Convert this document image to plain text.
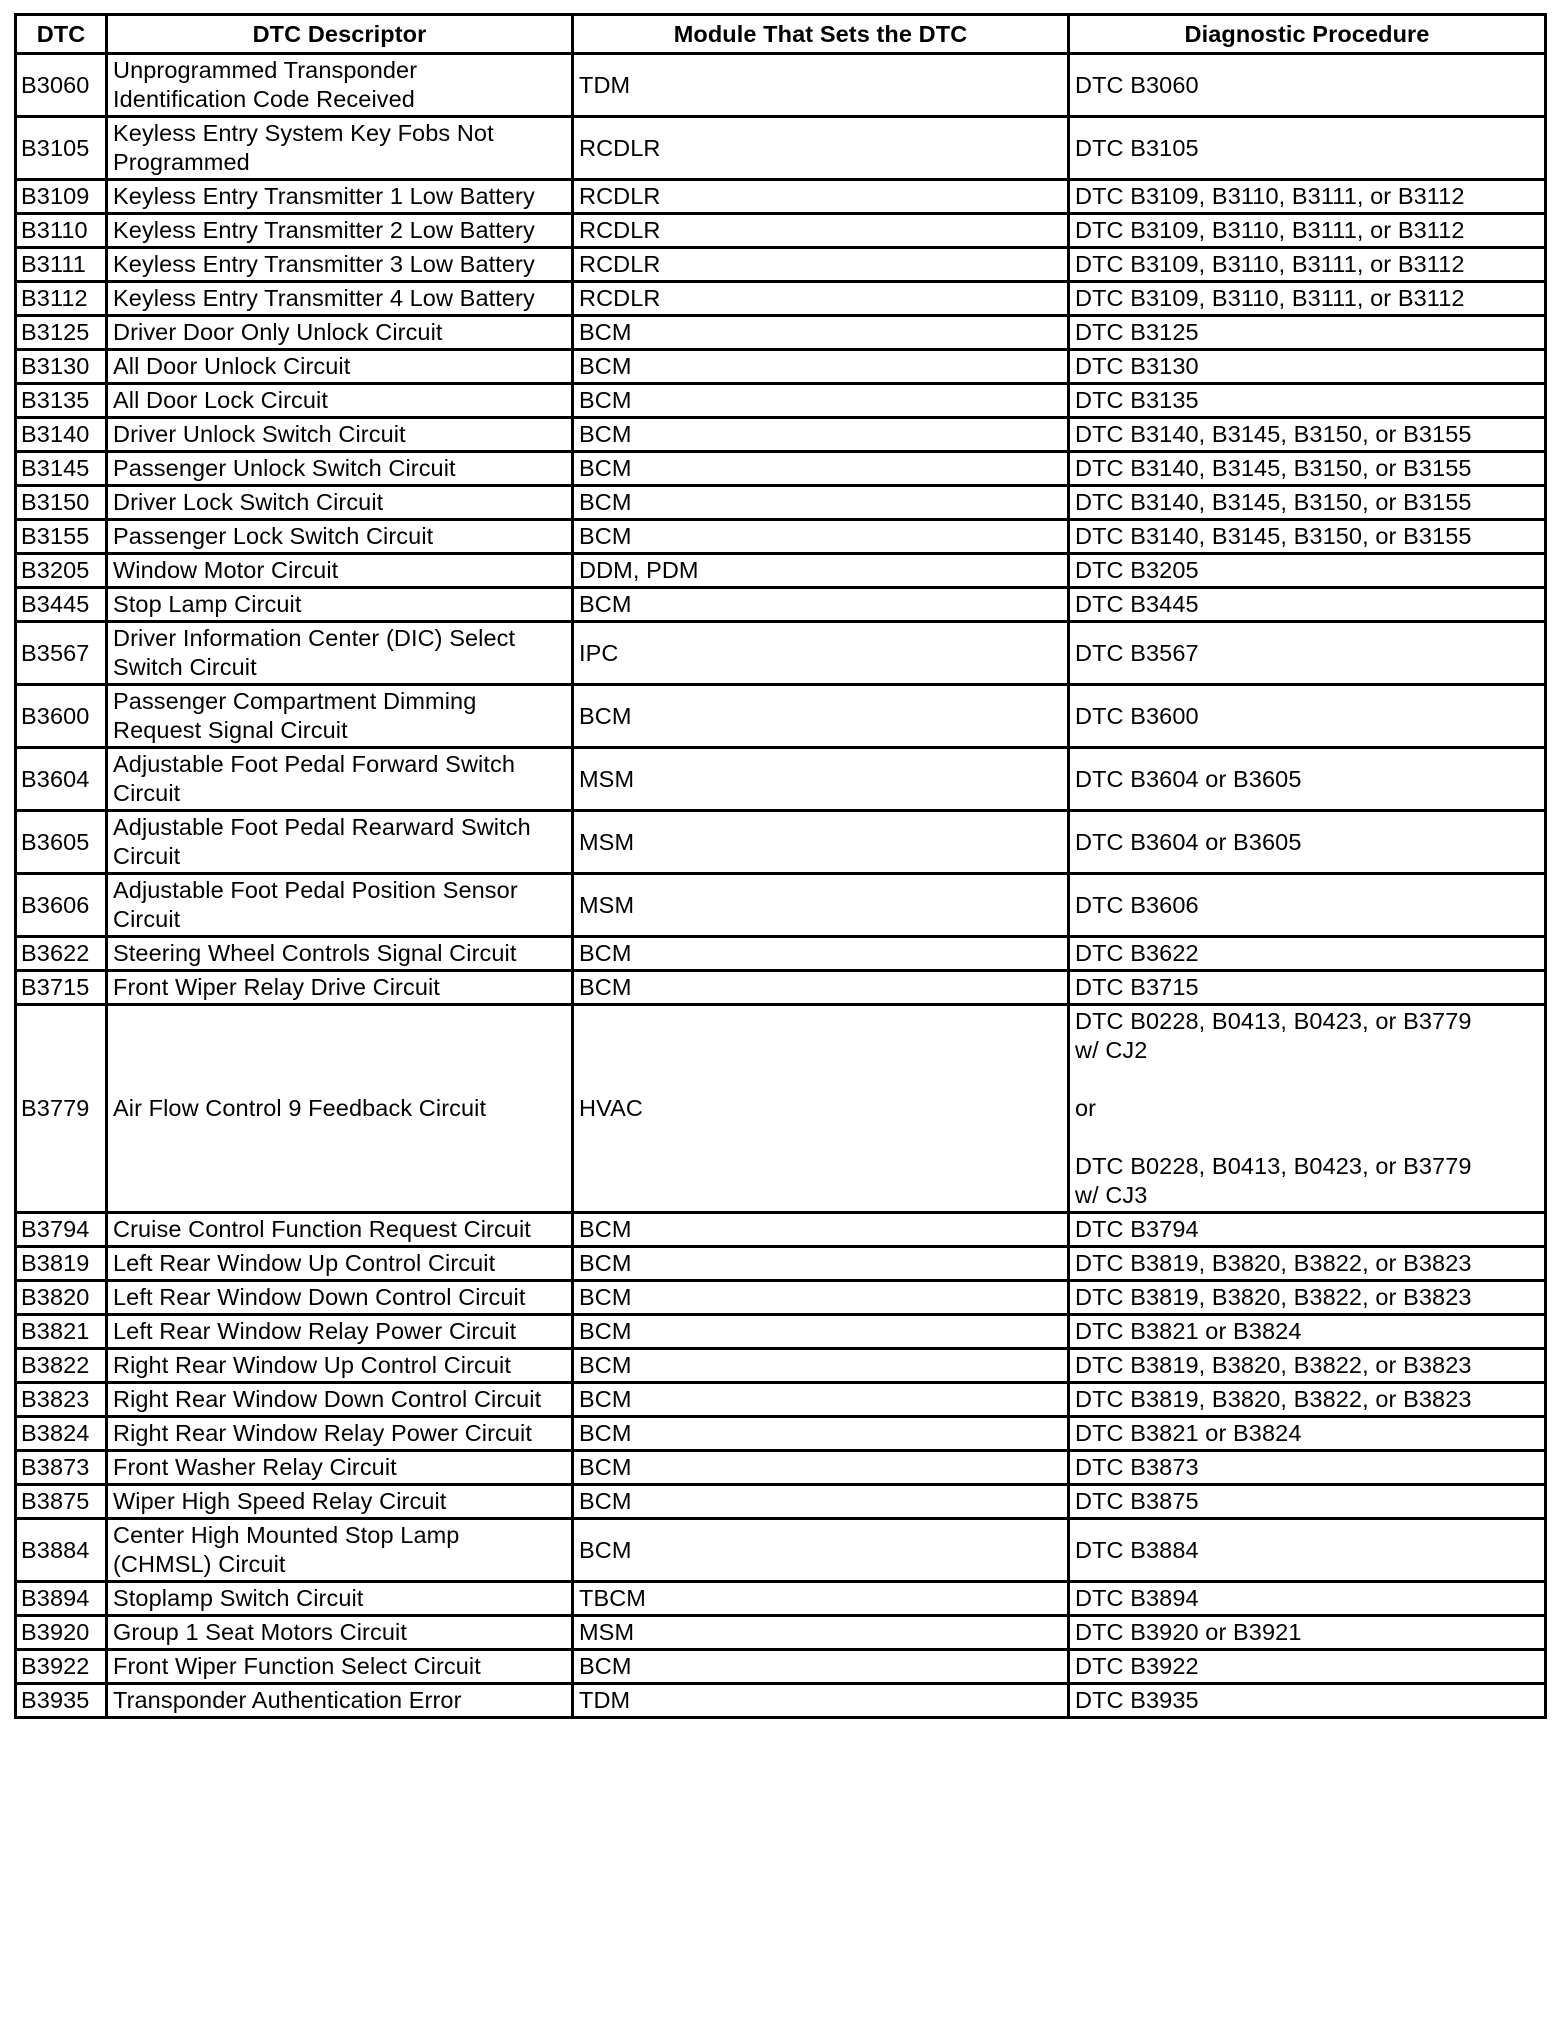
DTC	DTC Descriptor	Module That Sets the DTC	Diagnostic Procedure
B3060	Unprogrammed Transponder
Identification Code Received	TDM	DTC B3060
B3105	Keyless Entry System Key Fobs Not
Programmed	RCDLR	DTC B3105
B3109	Keyless Entry Transmitter 1 Low Battery	RCDLR	DTC B3109, B3110, B3111, or B3112
B3110	Keyless Entry Transmitter 2 Low Battery	RCDLR	DTC B3109, B3110, B3111, or B3112
B3111	Keyless Entry Transmitter 3 Low Battery	RCDLR	DTC B3109, B3110, B3111, or B3112
B3112	Keyless Entry Transmitter 4 Low Battery	RCDLR	DTC B3109, B3110, B3111, or B3112
B3125	Driver Door Only Unlock Circuit	BCM	DTC B3125
B3130	All Door Unlock Circuit	BCM	DTC B3130
B3135	All Door Lock Circuit	BCM	DTC B3135
B3140	Driver Unlock Switch Circuit	BCM	DTC B3140, B3145, B3150, or B3155
B3145	Passenger Unlock Switch Circuit	BCM	DTC B3140, B3145, B3150, or B3155
B3150	Driver Lock Switch Circuit	BCM	DTC B3140, B3145, B3150, or B3155
B3155	Passenger Lock Switch Circuit	BCM	DTC B3140, B3145, B3150, or B3155
B3205	Window Motor Circuit	DDM, PDM	DTC B3205
B3445	Stop Lamp Circuit	BCM	DTC B3445
B3567	Driver Information Center (DIC) Select
Switch Circuit	IPC	DTC B3567
B3600	Passenger Compartment Dimming
Request Signal Circuit	BCM	DTC B3600
B3604	Adjustable Foot Pedal Forward Switch
Circuit	MSM	DTC B3604 or B3605
B3605	Adjustable Foot Pedal Rearward Switch
Circuit	MSM	DTC B3604 or B3605
B3606	Adjustable Foot Pedal Position Sensor
Circuit	MSM	DTC B3606
B3622	Steering Wheel Controls Signal Circuit	BCM	DTC B3622
B3715	Front Wiper Relay Drive Circuit	BCM	DTC B3715
B3779	Air Flow Control 9 Feedback Circuit	HVAC	DTC B0228, B0413, B0423, or B3779
w/ CJ2

or

DTC B0228, B0413, B0423, or B3779
w/ CJ3
B3794	Cruise Control Function Request Circuit	BCM	DTC B3794
B3819	Left Rear Window Up Control Circuit	BCM	DTC B3819, B3820, B3822, or B3823
B3820	Left Rear Window Down Control Circuit	BCM	DTC B3819, B3820, B3822, or B3823
B3821	Left Rear Window Relay Power Circuit	BCM	DTC B3821 or B3824
B3822	Right Rear Window Up Control Circuit	BCM	DTC B3819, B3820, B3822, or B3823
B3823	Right Rear Window Down Control Circuit	BCM	DTC B3819, B3820, B3822, or B3823
B3824	Right Rear Window Relay Power Circuit	BCM	DTC B3821 or B3824
B3873	Front Washer Relay Circuit	BCM	DTC B3873
B3875	Wiper High Speed Relay Circuit	BCM	DTC B3875
B3884	Center High Mounted Stop Lamp
(CHMSL) Circuit	BCM	DTC B3884
B3894	Stoplamp Switch Circuit	TBCM	DTC B3894
B3920	Group 1 Seat Motors Circuit	MSM	DTC B3920 or B3921
B3922	Front Wiper Function Select Circuit	BCM	DTC B3922
B3935	Transponder Authentication Error	TDM	DTC B3935
